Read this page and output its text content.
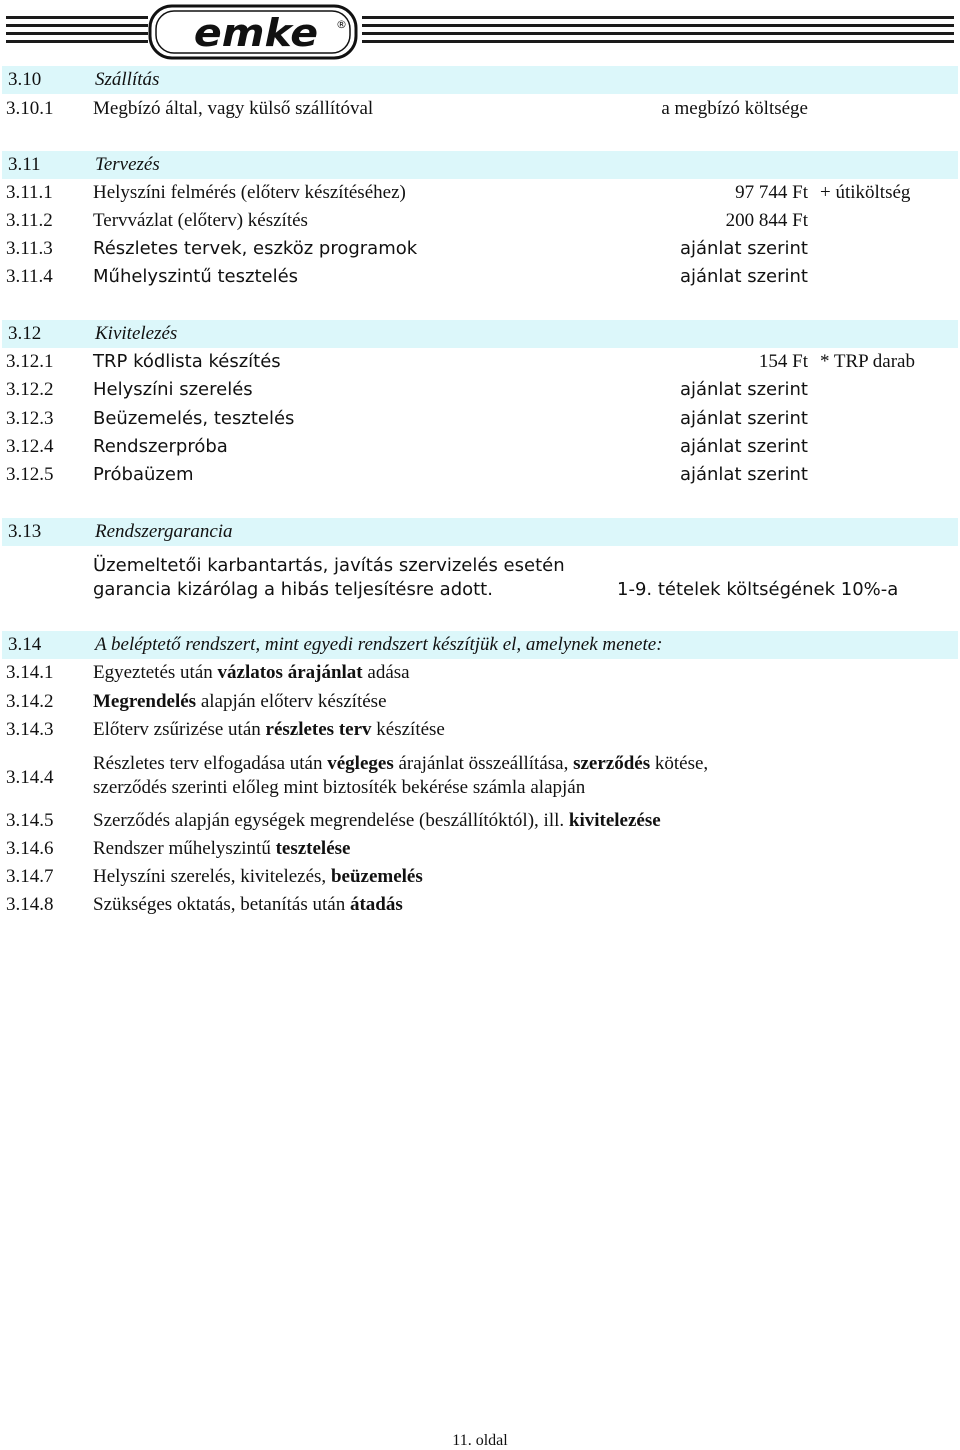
emke ®
3.10	Szállítás
3.10.1 Megbízó által, vagy külső szállítóval	a megbízó költsége
3.11	Tervezés
3.11.1 Helyszíni felmérés (előterv készítéséhez)	97 744 Ft + útiköltség
3.11.2 Tervvázlat (előterv) készítés	200 844 Ft
3.11.3 Részletes tervek, eszköz programok	ajánlat szerint
3.11.4 Műhelyszintű tesztelés	ajánlat szerint
3.12	Kivitelezés
3.12.1 TRP kódlista készítés	154 Ft * TRP darab
3.12.2 Helyszíni szerelés	ajánlat szerint
3.12.3 Beüzemelés, tesztelés	ajánlat szerint
3.12.4 Rendszerpróba	ajánlat szerint
3.12.5 Próbaüzem	ajánlat szerint
3.13	Rendszergarancia
Üzemeltetői karbantartás, javítás szervizelés esetén
garancia kizárólag a hibás teljesítésre adott.	1-9. tételek költségének 10%-a
3.14	A beléptető rendszert, mint egyedi rendszert készítjük el, amelynek menete:
3.14.1 Egyeztetés után vázlatos árajánlat adása
3.14.2 Megrendelés alapján előterv készítése
3.14.3 Előterv zsűrizése után részletes terv készítése
3.14.4
Részletes terv elfogadása után végleges árajánlat összeállítása, szerződés kötése,
szerződés szerinti előleg mint biztosíték bekérése számla alapján
3.14.5 Szerződés alapján egységek megrendelése (beszállítóktól), ill. kivitelezése
3.14.6 Rendszer műhelyszintű tesztelése
3.14.7 Helyszíni szerelés, kivitelezés, beüzemelés
3.14.8 Szükséges oktatás, betanítás után átadás
11. oldal
